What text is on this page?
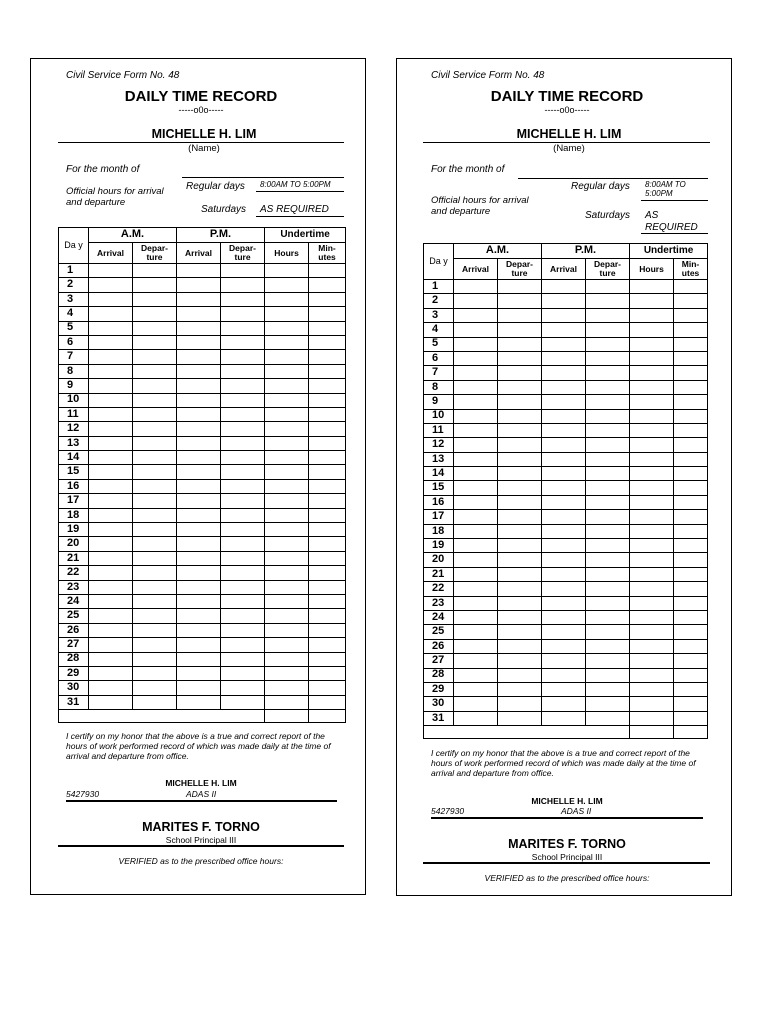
Civil Service Form No. 48
DAILY TIME RECORD
-----o0o-----
MICHELLE H. LIM
(Name)
For the month of
Regular days 8:00AM TO 5:00PM
Official hours for arrival and departure
Saturdays AS REQUIRED
Da y	A.M.		P.M.		Undertime	
	Arrival	Depar- ture	Arrival	Depar- ture	Hours	Min- utes
1						
2						
3						
4						
5						
6						
7						
8						
9						
10						
11						
12						
13						
14						
15						
16						
17						
18						
19						
20						
21						
22						
23						
24						
25						
26						
27						
28						
29						
30						
31						

I certify on my honor that the above is a true and correct report of the hours of work performed record of which was made daily at the time of arrival and departure from office.
MICHELLE H. LIM
5427930	ADAS II
MARITES F. TORNO
School Principal III
VERIFIED as to the prescribed office hours:
Civil Service Form No. 48
DAILY TIME RECORD
-----o0o-----
MICHELLE H. LIM
(Name)
For the month of
Regular days 8:00AM TO 5:00PM
Official hours for arrival and departure	Saturdays AS REQUIRED
Da y	A.M.		P.M.		Undertime	
	Arrival	Depar- ture	Arrival	Depar- ture	Hours	Min- utes
1						
2						
3						
4						
5						
6						
7						
8						
9						
10						
11						
12						
13						
14						
15						
16						
17						
18						
19						
20						
21						
22						
23						
24						
25						
26						
27						
28						
29						
30						
31						

I certify on my honor that the above is a true and correct report of the hours of work performed record of which was made daily at the time of arrival and departure from office.
MICHELLE H. LIM
5427930	ADAS II
MARITES F. TORNO
School Principal III
VERIFIED as to the prescribed office hours:
